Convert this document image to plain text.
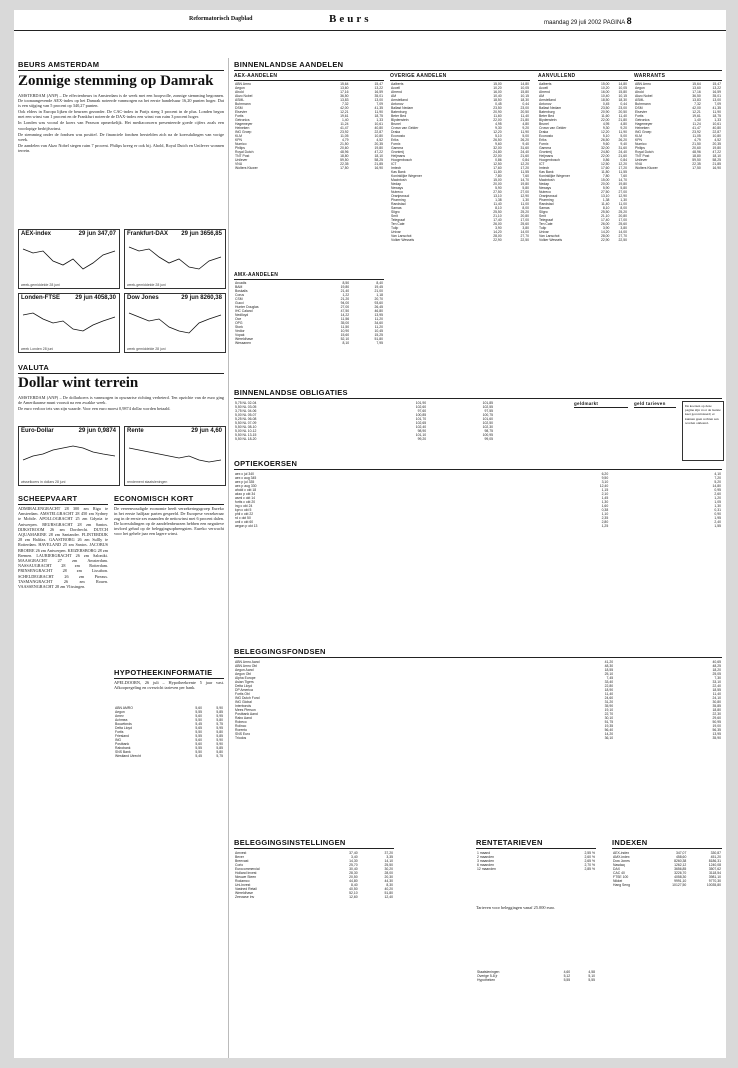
Reformatorisch Dagblad	Beurs	maandag 29 juli 2002 PAGINA 8
BEURS AMSTERDAM
Zonnige stemming op Damrak

AMSTERDAM (ANP) – De effectenbeurs in Amsterdam is de week met een hoopvolle, zonnige stemming begonnen. De toonaangevende AEX-index op het Damrak noteerde vanmorgen na het eerste handelsuur 16,20 punten hoger. Dat is een stijging van 5 procent op 340,27 punten.

Ook elders in Europa lijken de beurzen gezonder. De CAC-index in Parijs steeg 3 procent in de plus. Londen begon met een winst van 1 procent en de Frankfurt noteerde de DAX-index een winst van ruim 3 procent hoger.

In Londen was vooral de koers van Pearson opmerkelijk. Het mediaconcern presenteerde goede cijfers zoals een voorlopige bedrijfswinst.

De stemming onder de fondsen was positief. De financiele fondsen herstelden zich na de koersdalingen van vorige week.

De aandelen van Akzo Nobel stegen ruim 7 procent. Philips kreeg er ook bij. Ahold, Royal Dutch en Unilever wonnen terrein.

AEX-index	29 jun 347,07
week-gemiddelde 28 juni
Frankfurt-DAX 29 jun 3656,85
week-gemiddelde 28 juni
Londen-FTSE	29 jun 4058,30
week Londen 28 juni
Dow Jones	29 jun 8260,38
week gemiddelde 28 juni
VALUTA
Dollar wint terrein

AMSTERDAM (ANP) – De dollarkoers is vanmorgen in opwaartse richting verbeterd. Ten opzichte van de euro ging de Amerikaanse munt vooruit na een zwakke week.

De euro verloor iets van zijn waarde. Voor een euro moest 0,9874 dollar worden betaald.

Euro-Dollar	29 jun 0,9874
wisselkoers in dollars 28 juni
Rente	29 jun 4,60
rendement staatsleningen
SCHEEPVAART
ADMIRALENGRACHT 28 300 zm Riga te Amsterdam. AMSTELGRACHT 28 450 zm Sydney te Mobile. APOLLOGRACHT 25 zm Gdynia te Antwerpen. BEURSGRACHT 28 zm Santos. DIJKSTROOM 26 zm Dordrecht. DUTCH AQUAMARINE 28 zm Santander. FLINTERDIJK 28 zm Halifax. GAASTBORG 26 zm Sullly te Rotterdam. HAVELAND 25 zm Santos. JACOBUS BROERE 26 zm Antwerpen. KEIZERSBORG 28 zm Bremen. LAURIERGRACHT 26 zm Saloniki. MAASGRACHT 27 zm Amsterdam. NASSAUGRACHT 28 zm Rotterdam. PRINSENGRACHT 28 zm Lissabon. SCHELDEGRACHT 26 zm Pireaus. TASMANGRACHT 26 zm Rouen. VAASSENGRACHT 28 zm Vlissingen.
ECONOMISCH KORT
De vereenvoudigde economie heeft verzekeringsgroep Eureko in het eerste halfjaar parten gespeeld. De Europese verzekeraar zag in de eerste zes maanden de nettowinst met 6 procent dalen. De koersdalingen op de aandelenbeurzen hebben een negatieve invloed gehad op de beleggingsopbrengsten. Eureko verwacht voor het gehele jaar een lagere winst.
HYPOTHEEKINFORMATIE
APELDOORN, 26 juli – Hypotheekrente 5 jaar vast. Afkoopregeling en overzicht tarieven per bank.
ABN AMRO	5,60	5,90
Aegon	5,55	5,85
Amev	5,60	5,95
Achmea	5,50	5,80
Bouwfonds	5,45	5,75
Delta Lloyd	5,65	5,95
Fortis	5,50	5,80
Friesland	5,55	5,85
ING	5,60	5,90
Postbank	5,60	5,90
Rabobank	5,55	5,85
SNS Bank	5,50	5,80
Westland Utrecht	5,45	5,75
BINNENLANDSE AANDELEN
AEX-AANDELEN
ABN Amro	15,64	15,47
Aegon	13,60	13,22
Ahold	17,16	16,59
Akzo Nobel	36,50	35,01
ASML	13,83	13,00
Buhrmann	7,32	7,09
DSM	42,00	41,35
Elsevier	12,21	11,90
Fortis	19,61	18,75
Getronics	1,40	1,33
Hagemeyer	11,24	10,61
Heineken	41,47	40,80
ING Groep	23,92	22,87
KLM	11,05	10,80
KPN	4,79	4,52
Numico	21,50	20,35
Philips	20,60	19,80
Royal Dutch	48,96	47,22
TNT Post	18,80	18,10
Unilever	59,50	58,25
VNU	22,35	21,85
Wolters Kluwer	17,50	16,90
AMX-AANDELEN
Arcadis	8,50	8,40
BAM	19,80	19,45
Boskalis	21,40	21,00
Corus	1,22	1,18
CSM	21,20	20,70
Gucci	94,00	93,60
Hunter Douglas	27,00	26,45
IHC Caland	47,50	46,80
Nedlloyd	14,22	13,95
Oce	11,56	11,20
OPG	35,00	34,60
Stork	11,50	11,20
Vedior	10,90	10,45
Vopak	15,60	15,25
Wereldhave	52,10	51,80
Wessanen	8,10	7,95
OVERIGE AANDELEN
Aalberts	15,00	14,80
Accell	10,20	10,05
Ahrend	16,00	15,80
AM	10,40	10,15
Amstelland	18,50	18,30
Antonov	0,45	0,44
Ballast Nedam	23,50	23,00
Batenburg	20,90	20,50
Beter Bed	11,60	11,40
Blydenstein	22,00	21,80
Brunel	4,95	4,80
Crown van Gelder	9,30	9,20
Draka	12,20	11,90
Econosto	5,10	5,00
Eriks	26,50	26,20
Fornix	9,60	9,40
Gamma	32,00	31,60
Grontmij	24,80	24,40
Heijmans	22,00	21,60
Hoogenbosch	0,86	0,84
ICT	12,50	12,20
Imtech	17,60	17,20
Kas Bank	11,80	11,55
Koninklijke Wegener	7,80	7,60
Macintosh	15,00	14,70
Nedap	20,00	19,80
Neways	5,90	5,80
Nutreco	27,50	27,00
Oranjewoud	13,10	12,90
Pharming	1,38	1,30
Randstad	11,40	11,00
Samas	8,10	8,00
Sligro	25,50	25,20
Smit	21,10	20,80
Telegraaf	17,40	17,00
Ten Cate	26,00	25,60
Tulip	3,90	3,80
Univar	14,20	14,00
Van Lanschot	28,00	27,70
Volker Wessels	22,90	22,50
AANVULLEND
Aalberts	15,00	14,80
Accell	10,20	10,05
Ahrend	16,00	15,80
AM	10,40	10,15
Amstelland	18,50	18,30
Antonov	0,45	0,44
Ballast Nedam	23,50	23,00
Batenburg	20,90	20,50
Beter Bed	11,60	11,40
Blydenstein	22,00	21,80
Brunel	4,95	4,80
Crown van Gelder	9,30	9,20
Draka	12,20	11,90
Econosto	5,10	5,00
Eriks	26,50	26,20
Fornix	9,60	9,40
Gamma	32,00	31,60
Grontmij	24,80	24,40
Heijmans	22,00	21,60
Hoogenbosch	0,86	0,84
ICT	12,50	12,20
Imtech	17,60	17,20
Kas Bank	11,80	11,55
Koninklijke Wegener	7,80	7,60
Macintosh	15,00	14,70
Nedap	20,00	19,80
Neways	5,90	5,80
Nutreco	27,50	27,00
Oranjewoud	13,10	12,90
Pharming	1,38	1,30
Randstad	11,40	11,00
Samas	8,10	8,00
Sligro	25,50	25,20
Smit	21,10	20,80
Telegraaf	17,40	17,00
Ten Cate	26,00	25,60
Tulip	3,90	3,80
Univar	14,20	14,00
Van Lanschot	28,00	27,70
Volker Wessels	22,90	22,50
WARRANTS
ABN Amro	15,64	15,47
Aegon	13,60	13,22
Ahold	17,16	16,59
Akzo Nobel	36,50	35,01
ASML	13,83	13,00
Buhrmann	7,32	7,09
DSM	42,00	41,35
Elsevier	12,21	11,90
Fortis	19,61	18,75
Getronics	1,40	1,33
Hagemeyer	11,24	10,61
Heineken	41,47	40,80
ING Groep	23,92	22,87
KLM	11,05	10,80
KPN	4,79	4,52
Numico	21,50	20,35
Philips	20,60	19,80
Royal Dutch	48,96	47,22
TNT Post	18,80	18,10
Unilever	59,50	58,25
VNU	22,35	21,85
Wolters Kluwer	17,50	16,90
BINNENLANDSE OBLIGATIES
5,75 NL 02-04	101,90	101,85
5,50 NL 03-05	102,60	102,55
3,75 NL 04-06	97,60	97,55
5,00 NL 05-07	100,85	100,75
5,25 NL 06-08	101,70	101,60
5,50 NL 07-09	102,65	102,50
5,50 NL 08-10	102,40	102,30
5,00 NL 10-12	98,90	98,75
5,50 NL 13-15	101,10	100,95
5,50 NL 18-20	99,20	99,05
geldmarkt	geld tarieven	De koersen op deze pagina zijn voor de laatste keer gecontroleerd; er kunnen geen rechten aan worden ontleend.
OPTIEKOERSEN
aex c jul 340	6,20	4,10
aex c aug 345	9,50	7,20
aex p jul 335	3,10	5,20
aex p aug 330	12,40	14,80
ahold c okt 18	1,15	0,95
akzo p okt 34	2,10	2,60
asml c okt 14	1,45	1,20
fortis c okt 20	1,30	1,05
ing c okt 24	1,60	1,30
kpn c okt 5	0,38	0,31
phil c okt 22	1,10	0,90
rd c okt 50	2,35	1,95
unil c okt 60	2,80	2,40
aegon p okt 13	1,25	1,55
BELEGGINGSFONDSEN
ABN Amro Aand	41,20	40,65
ABN Amro Obl	48,30	48,25
Aegon Aand	18,55	18,20
Aegon Obl	25,10	25,05
Alpha Europe	7,45	7,30
Asian Tigers	33,40	33,10
Delta Lloyd	22,80	22,40
DP America	18,90	18,55
Fortis Obl	11,40	11,40
ING Dutch Fund	24,60	24,10
ING Global	31,20	30,80
Interbonds	35,90	35,85
Mees Pierson	19,10	18,80
Postbank Aand	22,70	22,30
Rabo Aand	30,10	29,60
Robeco	51,75	50,95
Rolinco	19,35	19,00
Rorento	56,40	56,35
SNS Euro	14,20	13,95
Triodos	36,10	35,90
BELEGGINGSINSTELLINGEN
Amvest	37,40	37,20
Bever	3,40	3,35
Breevast	14,30	14,10
Corio	25,70	25,50
Eurocommercial	30,40	30,20
Holland Invest	28,30	28,00
Nieuwe Steen	20,50	20,30
Rodamco	44,80	44,30
Uni-Invest	8,40	8,30
Vastned Retail	40,50	40,20
Wereldhave	52,10	51,80
Zeeuwse Inv	12,60	12,40
RENTETARIEVEN
1 maand	2,55 %
2 maanden	2,60 %
3 maanden	2,65 %
6 maanden	2,70 %
12 maanden	2,85 %
Tarieven voor beleggingen vanaf 25.000 euro.
Staatsleningen	4,60	4,58
Overige 5-8 jr	5,12	5,10
Hypotheken	5,55	5,55
INDEXEN
AEX-index	347,07	330,87
AMX-index	458,60	451,20
Dow Jones	8260,38	8186,31
Nasdaq	1262,12	1240,08
DAX	3656,85	3507,62
CAC 40	3226,70	3118,54
FTSE 100	4058,30	3981,10
Nikkei	9991,10	9770,30
Hang Seng	10127,50	10035,80
